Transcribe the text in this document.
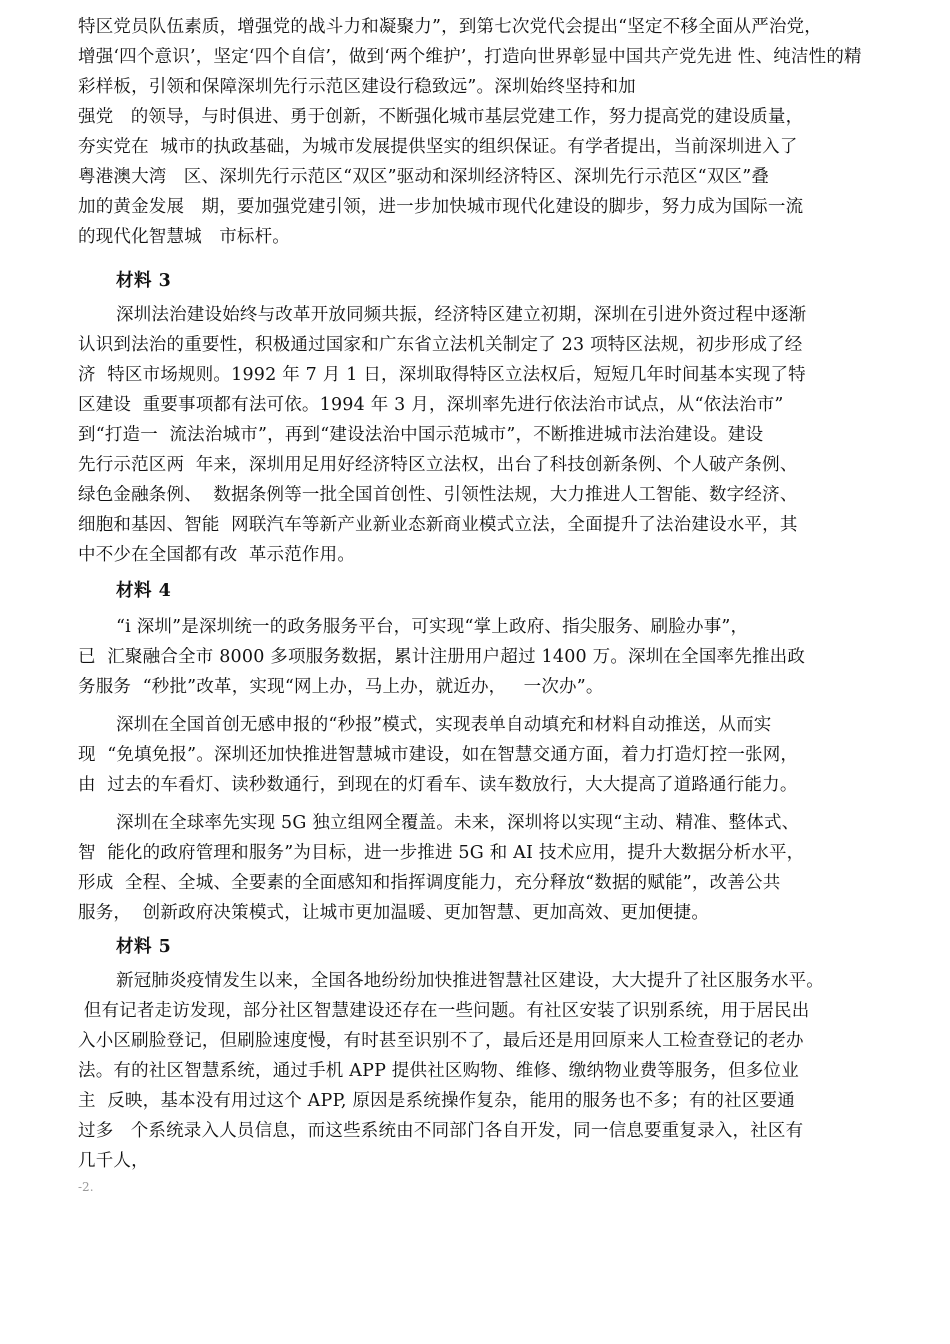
特区党员队伍素质，增强党的战斗力和凝聚力”，到第七次党代会提出“坚定不移全面从严治党，
增强‘四个意识’，坚定‘四个自信’，做到‘两个维护’，打造向世界彰显中国共产党先进 性、纯洁性的精彩样板，引领和保障深圳先行示范区建设行稳致远”。深圳始终坚持和加
强党   的领导，与时俱进、勇于创新，不断强化城市基层党建工作，努力提高党的建设质量，
夯实党在  城市的执政基础，为城市发展提供坚实的组织保证。有学者提出，当前深圳进入了
粤港澳大湾   区、深圳先行示范区“双区”驱动和深圳经济特区、深圳先行示范区“双区”叠
加的黄金发展   期，要加强党建引领，进一步加快城市现代化建设的脚步，努力成为国际一流
的现代化智慧城   市标杆。
材料 3
深圳法治建设始终与改革开放同频共振，经济特区建立初期，深圳在引进外资过程中逐渐
认识到法治的重要性，积极通过国家和广东省立法机关制定了 23 项特区法规，初步形成了经
济  特区市场规则。1992 年 7 月 1 日，深圳取得特区立法权后，短短几年时间基本实现了特
区建设  重要事项都有法可依。1994 年 3 月，深圳率先进行依法治市试点，从“依法治市”
到“打造一  流法治城市”，再到“建设法治中国示范城市”，不断推进城市法治建设。建设
先行示范区两  年来，深圳用足用好经济特区立法权，出台了科技创新条例、个人破产条例、
绿色金融条例、  数据条例等一批全国首创性、引领性法规，大力推进人工智能、数字经济、
细胞和基因、智能  网联汽车等新产业新业态新商业模式立法，全面提升了法治建设水平，其
中不少在全国都有改  革示范作用。
材料 4
“i 深圳”是深圳统一的政务服务平台，可实现“掌上政府、指尖服务、刷脸办事”，
已  汇聚融合全市 8000 多项服务数据，累计注册用户超过 1400 万。深圳在全国率先推出政
务服务  “秒批”改革，实现“网上办，马上办，就近办，   一次办”。
深圳在全国首创无感申报的“秒报”模式，实现表单自动填充和材料自动推送，从而实
现  “免填免报”。深圳还加快推进智慧城市建设，如在智慧交通方面，着力打造灯控一张网，
由  过去的车看灯、读秒数通行，到现在的灯看车、读车数放行，大大提高了道路通行能力。
深圳在全球率先实现 5G 独立组网全覆盖。未来，深圳将以实现“主动、精准、整体式、
智  能化的政府管理和服务”为目标，进一步推进 5G 和 AI 技术应用，提升大数据分析水平，
形成  全程、全城、全要素的全面感知和指挥调度能力，充分释放“数据的赋能”，改善公共
服务，  创新政府决策模式，让城市更加温暖、更加智慧、更加高效、更加便捷。
材料 5
新冠肺炎疫情发生以来，全国各地纷纷加快推进智慧社区建设，大大提升了社区服务水平。
但有记者走访发现，部分社区智慧建设还存在一些问题。有社区安装了识别系统，用于居民出
入小区刷脸登记，但刷脸速度慢，有时甚至识别不了，最后还是用回原来人工检查登记的老办
法。有的社区智慧系统，通过手机 APP 提供社区购物、维修、缴纳物业费等服务，但多位业
主  反映，基本没有用过这个 APP, 原因是系统操作复杂，能用的服务也不多；有的社区要通
过多   个系统录入人员信息，而这些系统由不同部门各自开发，同一信息要重复录入，社区有
几千人，
-2.
